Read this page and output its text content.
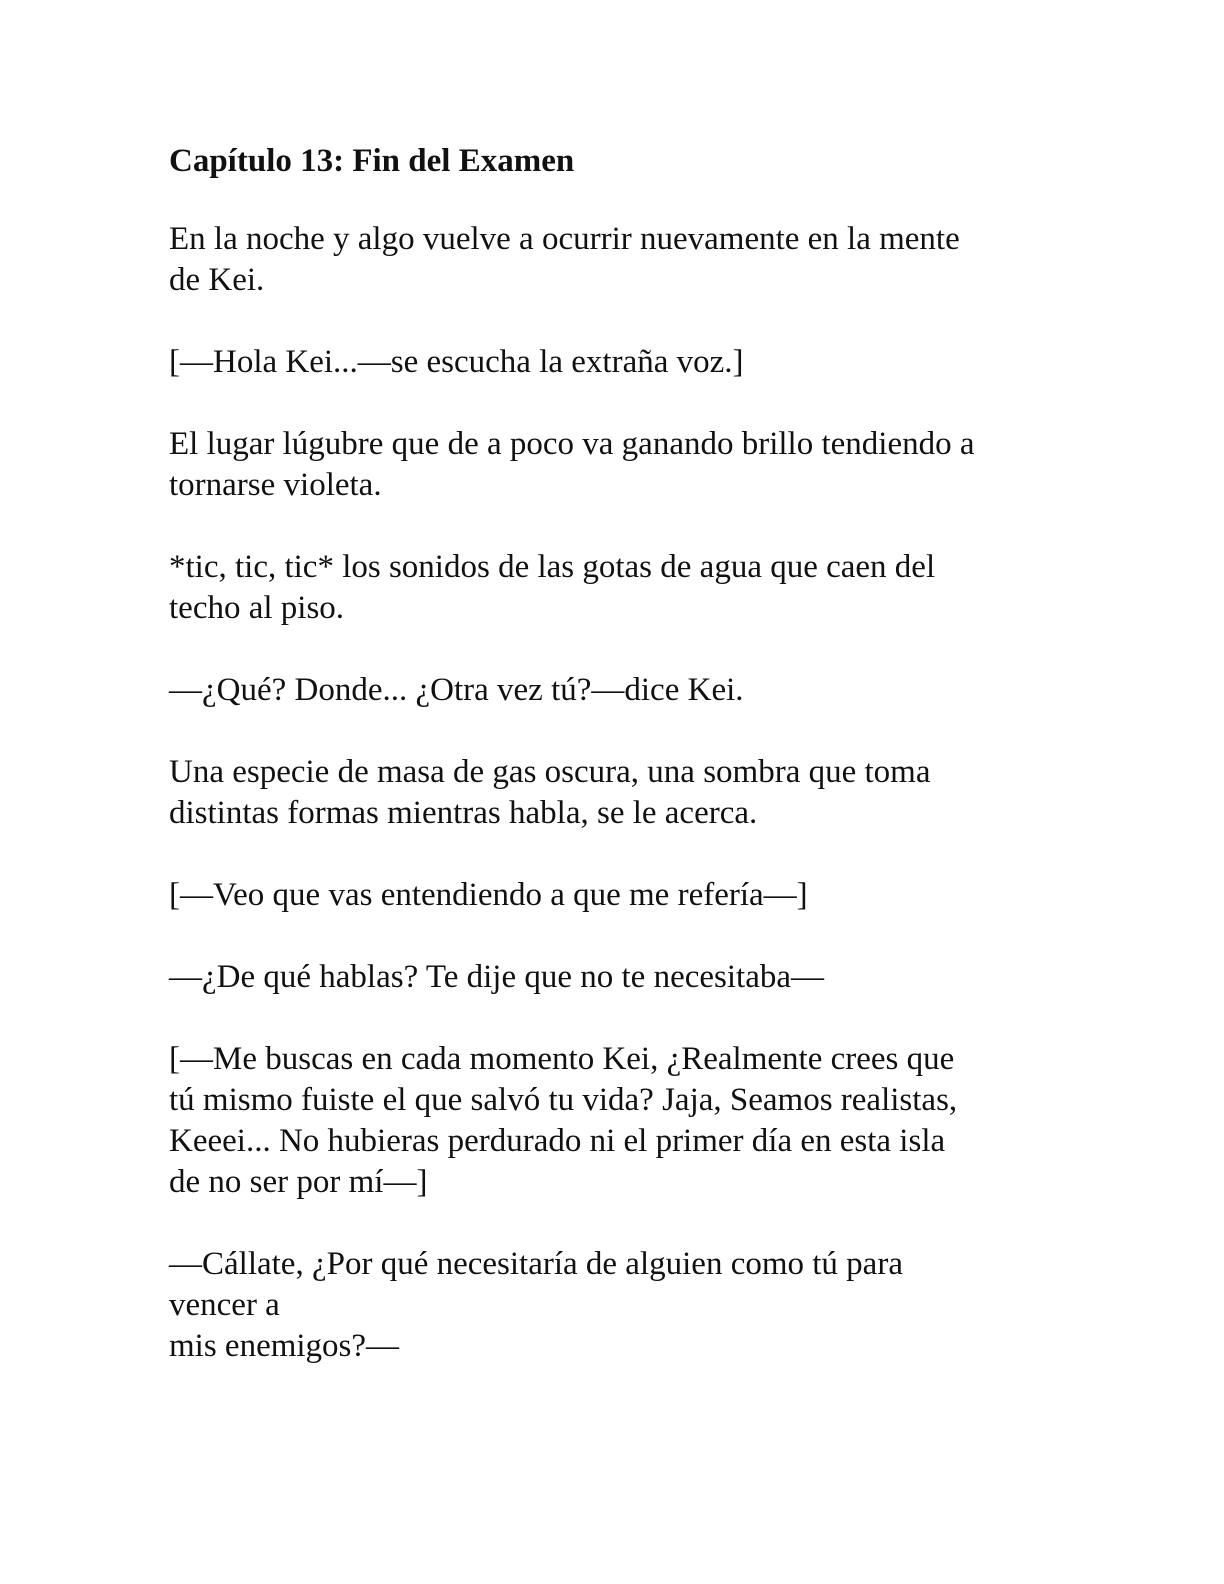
Capítulo 13: Fin del Examen

En la noche y algo vuelve a ocurrir nuevamente en la mente
de Kei.

[—Hola Kei...—se escucha la extraña voz.]

El lugar lúgubre que de a poco va ganando brillo tendiendo a
tornarse violeta.

*tic, tic, tic* los sonidos de las gotas de agua que caen del
techo al piso.

—¿Qué? Donde... ¿Otra vez tú?—dice Kei.

Una especie de masa de gas oscura, una sombra que toma
distintas formas mientras habla, se le acerca.

[—Veo que vas entendiendo a que me refería—]

—¿De qué hablas? Te dije que no te necesitaba—

[—Me buscas en cada momento Kei, ¿Realmente crees que
tú mismo fuiste el que salvó tu vida? Jaja, Seamos realistas,
Keeei... No hubieras perdurado ni el primer día en esta isla
de no ser por mí—]

—Cállate, ¿Por qué necesitaría de alguien como tú para
vencer a
mis enemigos?—
